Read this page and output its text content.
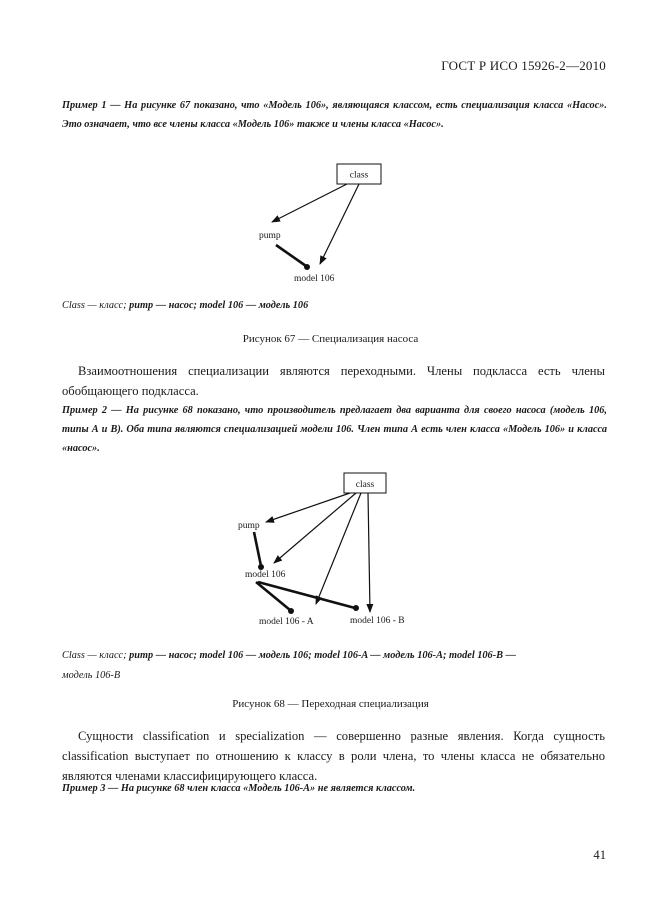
ГОСТ Р ИСО 15926-2—2010
Пример 1 — На рисунке 67 показано, что «Модель 106», являющаяся классом, есть специализация класса «Насос». Это означает, что все члены класса «Модель 106» также и члены класса «Насос».
class
pump
model 106
Class — класс; pump — насос; model 106 — модель 106
Рисунок 67 — Специализация насоса
Взаимоотношения специализации являются переходными. Члены подкласса есть члены обобщающего подкласса.
Пример 2 — На рисунке 68 показано, что производитель предлагает два варианта для своего насоса (модель 106, типы А и В). Оба типа являются специализацией модели 106. Член типа А есть член класса «Модель 106» и класса «насос».
class
pump
model 106
model 106 - A	model 106 - B
Class — класс; pump — насос; model 106 — модель 106; model 106-A — модель 106-A; model 106-B —
модель 106-В
Рисунок 68 — Переходная специализация
Сущности classification и specialization — совершенно разные явления. Когда сущность classification выступает по отношению к классу в роли члена, то члены класса не обязательно являются членами классифицирующего класса.
Пример 3 — На рисунке 68 член класса «Модель 106-А» не является классом.
41
